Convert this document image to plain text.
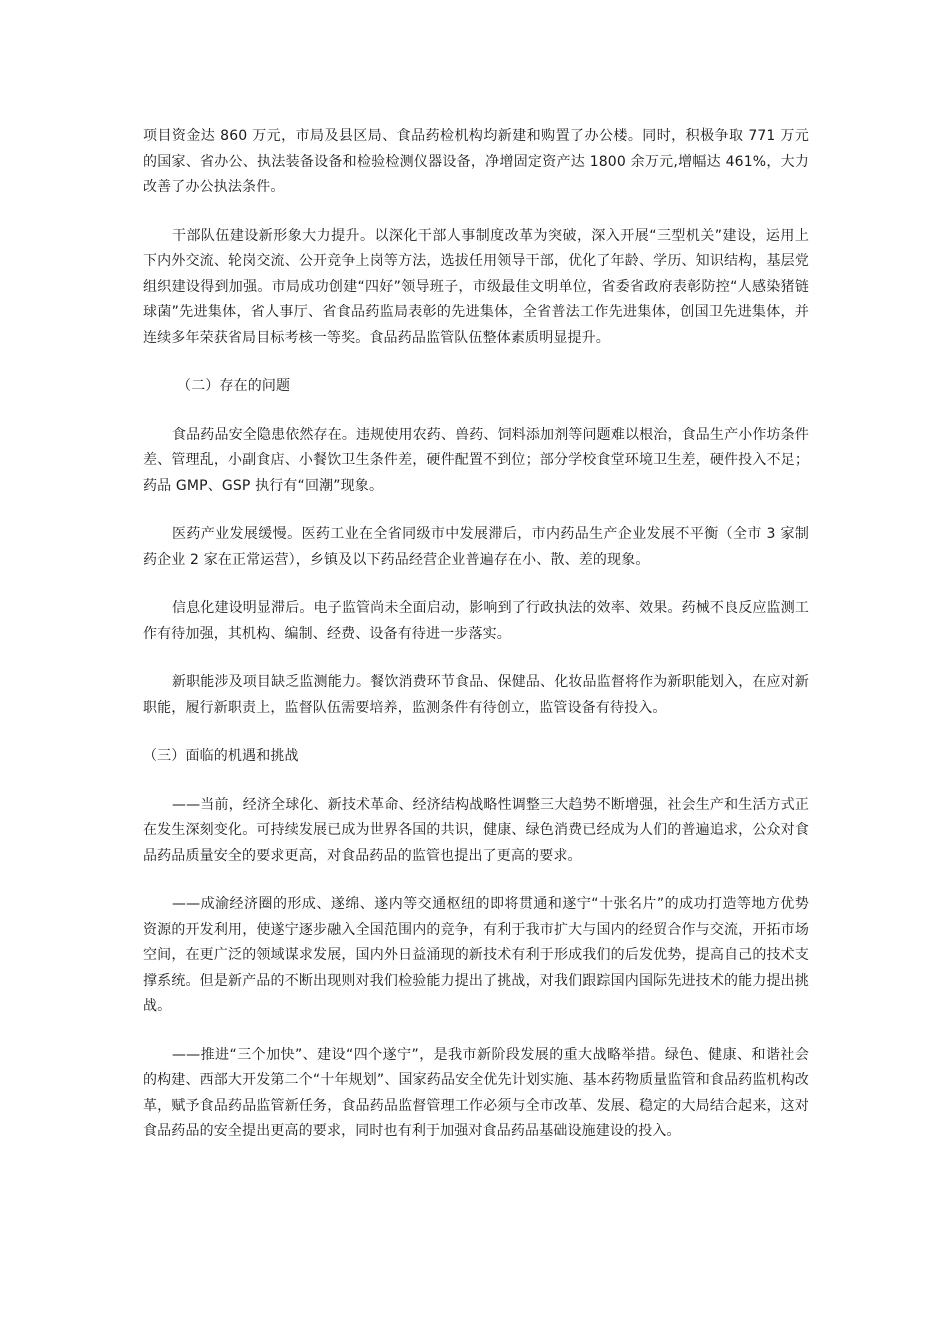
项目资金达 860 万元，市局及县区局、食品药检机构均新建和购置了办公楼。同时，积极争取 771 万元的国家、省办公、执法装备设备和检验检测仪器设备，净增固定资产达 1800 余万元,增幅达 461%，大力改善了办公执法条件。

干部队伍建设新形象大力提升。以深化干部人事制度改革为突破，深入开展“三型机关”建设，运用上下内外交流、轮岗交流、公开竞争上岗等方法，选拔任用领导干部，优化了年龄、学历、知识结构，基层党组织建设得到加强。市局成功创建“四好”领导班子，市级最佳文明单位，省委省政府表彰防控“人感染猪链球菌”先进集体，省人事厅、省食品药监局表彰的先进集体，全省普法工作先进集体，创国卫先进集体，并连续多年荣获省局目标考核一等奖。食品药品监管队伍整体素质明显提升。

（二）存在的问题

食品药品安全隐患依然存在。违规使用农药、兽药、饲料添加剂等问题难以根治，食品生产小作坊条件差、管理乱，小副食店、小餐饮卫生条件差，硬件配置不到位；部分学校食堂环境卫生差，硬件投入不足；药品 GMP、GSP 执行有“回潮”现象。

医药产业发展缓慢。医药工业在全省同级市中发展滞后，市内药品生产企业发展不平衡（全市 3 家制药企业 2 家在正常运营），乡镇及以下药品经营企业普遍存在小、散、差的现象。

信息化建设明显滞后。电子监管尚未全面启动，影响到了行政执法的效率、效果。药械不良反应监测工作有待加强，其机构、编制、经费、设备有待进一步落实。

新职能涉及项目缺乏监测能力。餐饮消费环节食品、保健品、化妆品监督将作为新职能划入，在应对新职能，履行新职责上，监督队伍需要培养，监测条件有待创立，监管设备有待投入。

（三）面临的机遇和挑战

——当前，经济全球化、新技术革命、经济结构战略性调整三大趋势不断增强，社会生产和生活方式正在发生深刻变化。可持续发展已成为世界各国的共识，健康、绿色消费已经成为人们的普遍追求，公众对食品药品质量安全的要求更高，对食品药品的监管也提出了更高的要求。

——成渝经济圈的形成、遂绵、遂内等交通枢纽的即将贯通和遂宁“十张名片”的成功打造等地方优势资源的开发利用，使遂宁逐步融入全国范围内的竞争，有利于我市扩大与国内的经贸合作与交流，开拓市场空间，在更广泛的领域谋求发展，国内外日益涌现的新技术有利于形成我们的后发优势，提高自己的技术支撑系统。但是新产品的不断出现则对我们检验能力提出了挑战，对我们跟踪国内国际先进技术的能力提出挑战。

——推进“三个加快”、建设“四个遂宁”，是我市新阶段发展的重大战略举措。绿色、健康、和谐社会的构建、西部大开发第二个“十年规划”、国家药品安全优先计划实施、基本药物质量监管和食品药监机构改革，赋予食品药品监管新任务，食品药品监督管理工作必须与全市改革、发展、稳定的大局结合起来，这对食品药品的安全提出更高的要求，同时也有利于加强对食品药品基础设施建设的投入。
